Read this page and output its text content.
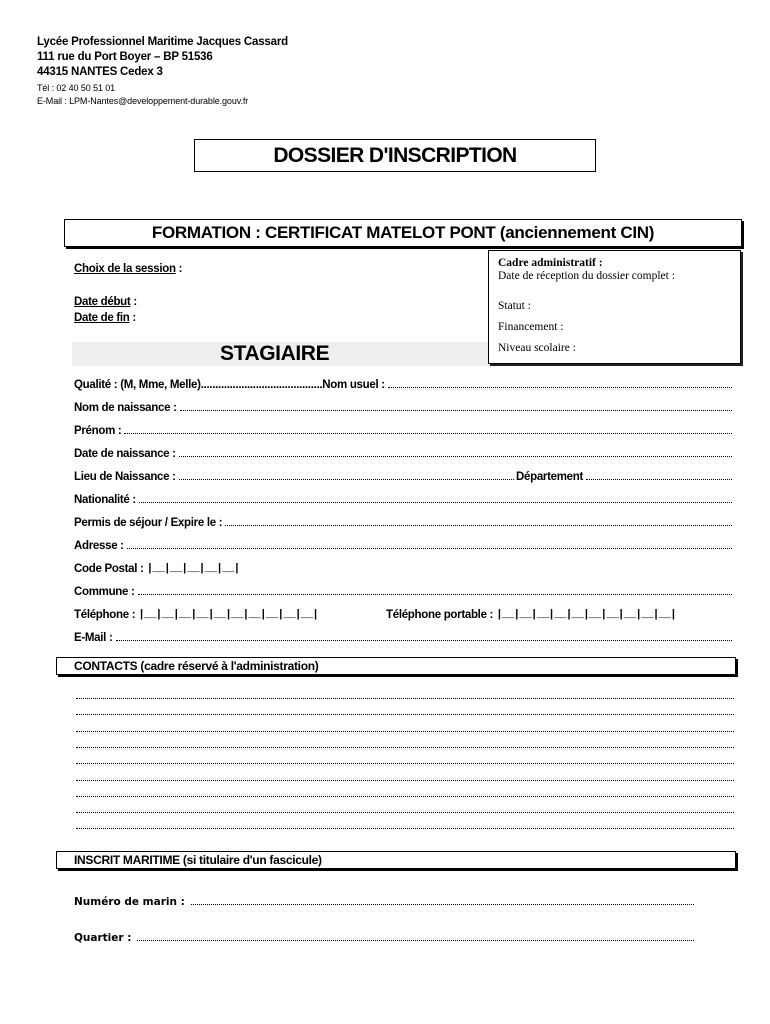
Lycée Professionnel Maritime Jacques Cassard
111 rue du Port Boyer – BP 51536
44315 NANTES Cedex 3
Tél : 02 40 50 51 01
E-Mail : LPM-Nantes@developpement-durable.gouv.fr
DOSSIER D'INSCRIPTION
FORMATION : CERTIFICAT MATELOT PONT (anciennement CIN)
Choix de la session :
Date début :
Date de fin :
STAGIAIRE
Cadre administratif :
Date de réception du dossier complet :
Statut :
Financement :
Niveau scolaire :
Qualité : (M, Mme, Melle) .......................................... Nom usuel :
Nom de naissance :
Prénom :
Date de naissance :
Lieu de Naissance :	Département
Nationalité :
Permis de séjour / Expire le :
Adresse :
Code Postal : |__|__|__|__|__|
Commune :
Téléphone : |__|__|__|__|__|__|__|__|__|__|	Téléphone portable : |__|__|__|__|__|__|__|__|__|__|
E-Mail :
CONTACTS (cadre réservé à l'administration)
INSCRIT MARITIME (si titulaire d'un fascicule)
Numéro de marin :
Quartier :
